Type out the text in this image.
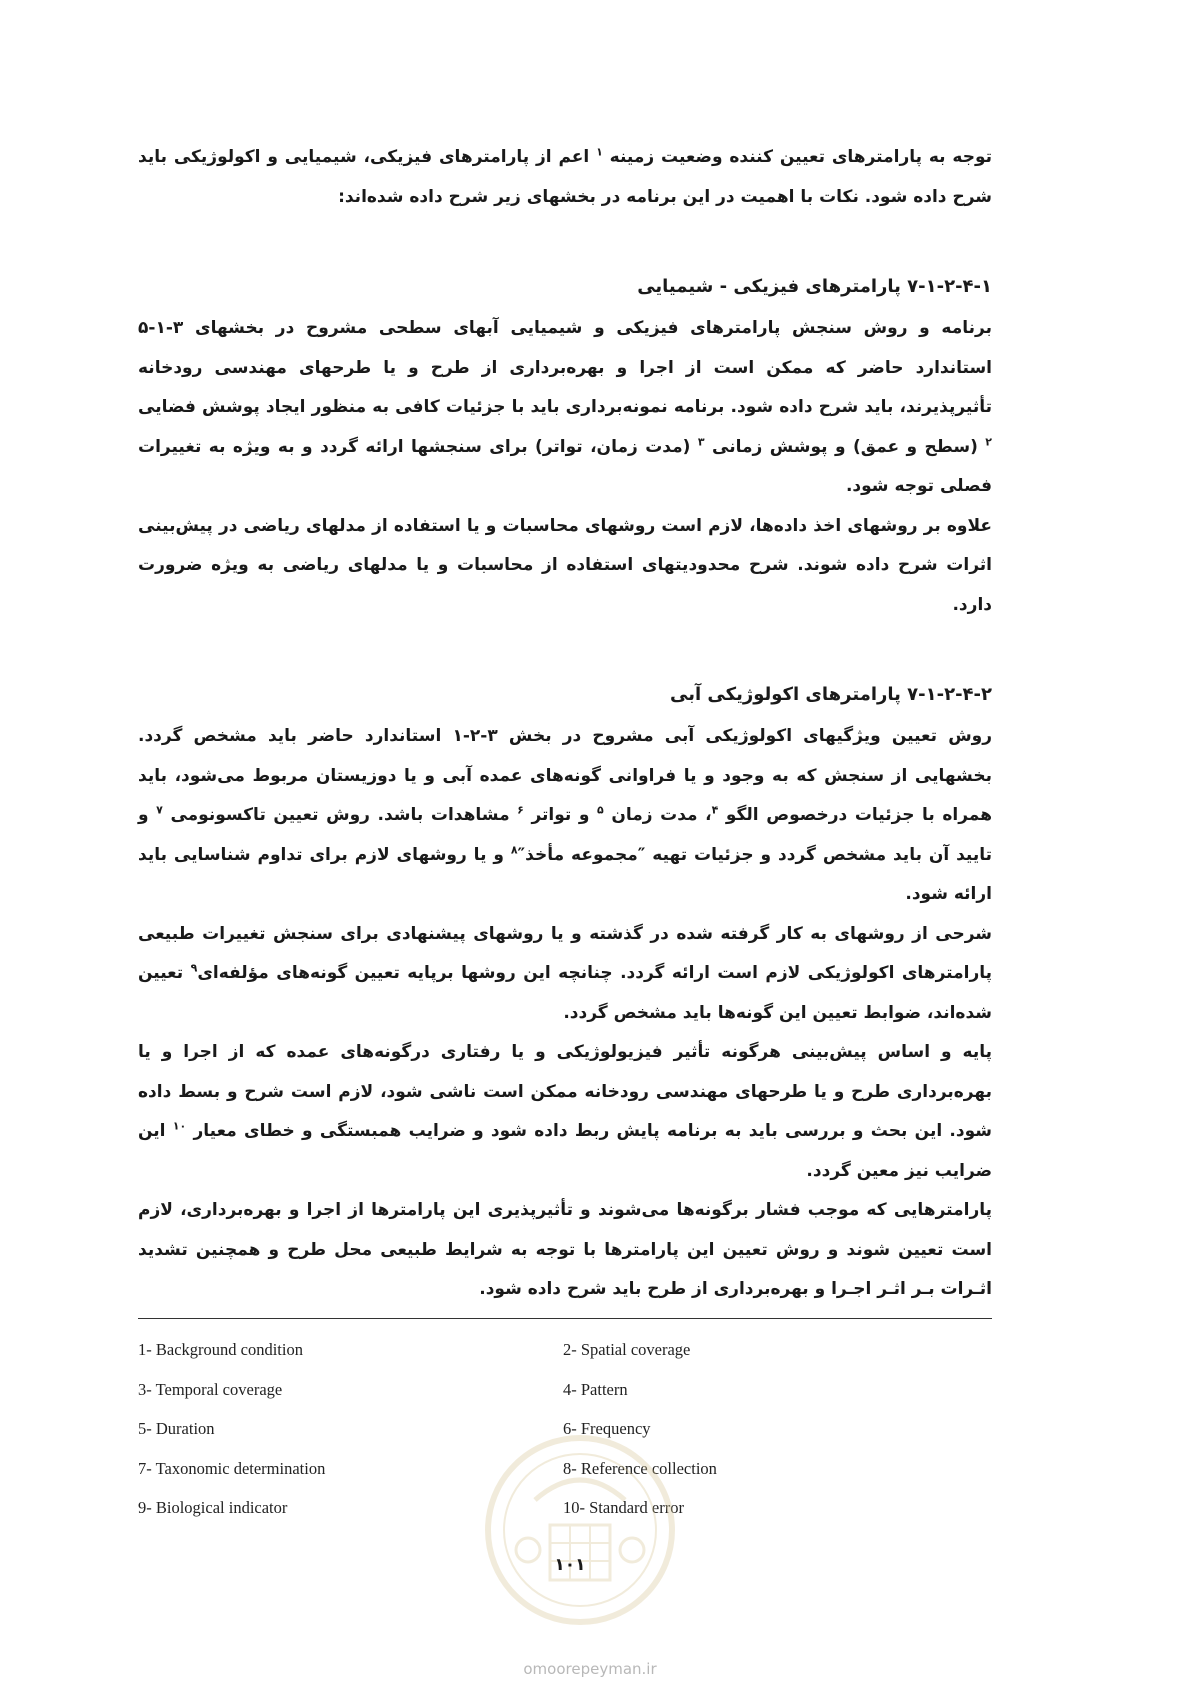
توجه به پارامترهای تعیین کننده وضعیت زمینه $^۱$ اعم از پارامترهای فیزیکی، شیمیایی و اکولوژیکی باید شرح داده شود. نکات با اهمیت در این برنامه در بخشهای زیر شرح داده شده‌اند:

۷-۱-۲-۴-۱ پارامترهای فیزیکی - شیمیایی

برنامه و روش سنجش پارامترهای فیزیکی و شیمیایی آبهای سطحی مشروح در بخشهای ۳-۱-۵ استاندارد حاضر که ممکن است از اجرا و بهره‌برداری از طرح و یا طرحهای مهندسی رودخانه تأثیرپذیرند، باید شرح داده شود. برنامه نمونه‌برداری باید با جزئیات کافی به منظور ایجاد پوشش فضایی $^۲$ (سطح و عمق) و پوشش زمانی $^۳$ (مدت زمان، تواتر) برای سنجشها ارائه گردد و به ویژه به تغییرات فصلی توجه شود.

علاوه بر روشهای اخذ داده‌ها، لازم است روشهای محاسبات و یا استفاده از مدلهای ریاضی در پیش‌بینی اثرات شرح داده شوند. شرح محدودیتهای استفاده از محاسبات و یا مدلهای ریاضی به ویژه ضرورت دارد.

۷-۱-۲-۴-۲ پارامترهای اکولوژیکی آبی

روش تعیین ویژگیهای اکولوژیکی آبی مشروح در بخش ۳-۲-۱ استاندارد حاضر باید مشخص گردد. بخشهایی از سنجش که به وجود و یا فراوانی گونه‌های عمده آبی و یا دوزیستان مربوط می‌شود، باید همراه با جزئیات درخصوص الگو $^۴$، مدت زمان $^۵$ و تواتر $^۶$ مشاهدات باشد. روش تعیین تاکسونومی $^۷$ و تایید آن باید مشخص گردد و جزئیات تهیه ″مجموعه مأخذ″$^۸$ و یا روشهای لازم برای تداوم شناسایی باید ارائه شود.

شرحی از روشهای به کار گرفته شده در گذشته و یا روشهای پیشنهادی برای سنجش تغییرات طبیعی پارامترهای اکولوژیکی لازم است ارائه گردد. چنانچه این روشها برپایه تعیین گونه‌های مؤلفه‌ای$^۹$ تعیین شده‌اند، ضوابط تعیین این گونه‌ها باید مشخص گردد.

پایه و اساس پیش‌بینی هرگونه تأثیر فیزیولوژیکی و یا رفتاری درگونه‌های عمده که از اجرا و یا بهره‌برداری طرح و یا طرحهای مهندسی رودخانه ممکن است ناشی شود، لازم است شرح و بسط داده شود. این بحث و بررسی باید به برنامه پایش ربط داده شود و ضرایب همبستگی و خطای معیار $^{۱۰}$ این ضرایب نیز معین گردد.

پارامترهایی که موجب فشار برگونه‌ها می‌شوند و تأثیرپذیری این پارامترها از اجرا و بهره‌برداری، لازم است تعیین شوند و روش تعیین این پارامترها با توجه به شرایط طبیعی محل طرح و همچنین تشدید اثـرات بـر اثـر اجـرا و بهره‌برداری از طرح باید شرح داده شود.

1- Background condition	2- Spatial coverage
3- Temporal coverage	4- Pattern
5- Duration	6- Frequency
7- Taxonomic determination	8- Reference collection
9- Biological indicator	10- Standard error
۱۰۱
omoorepeyman.ir
